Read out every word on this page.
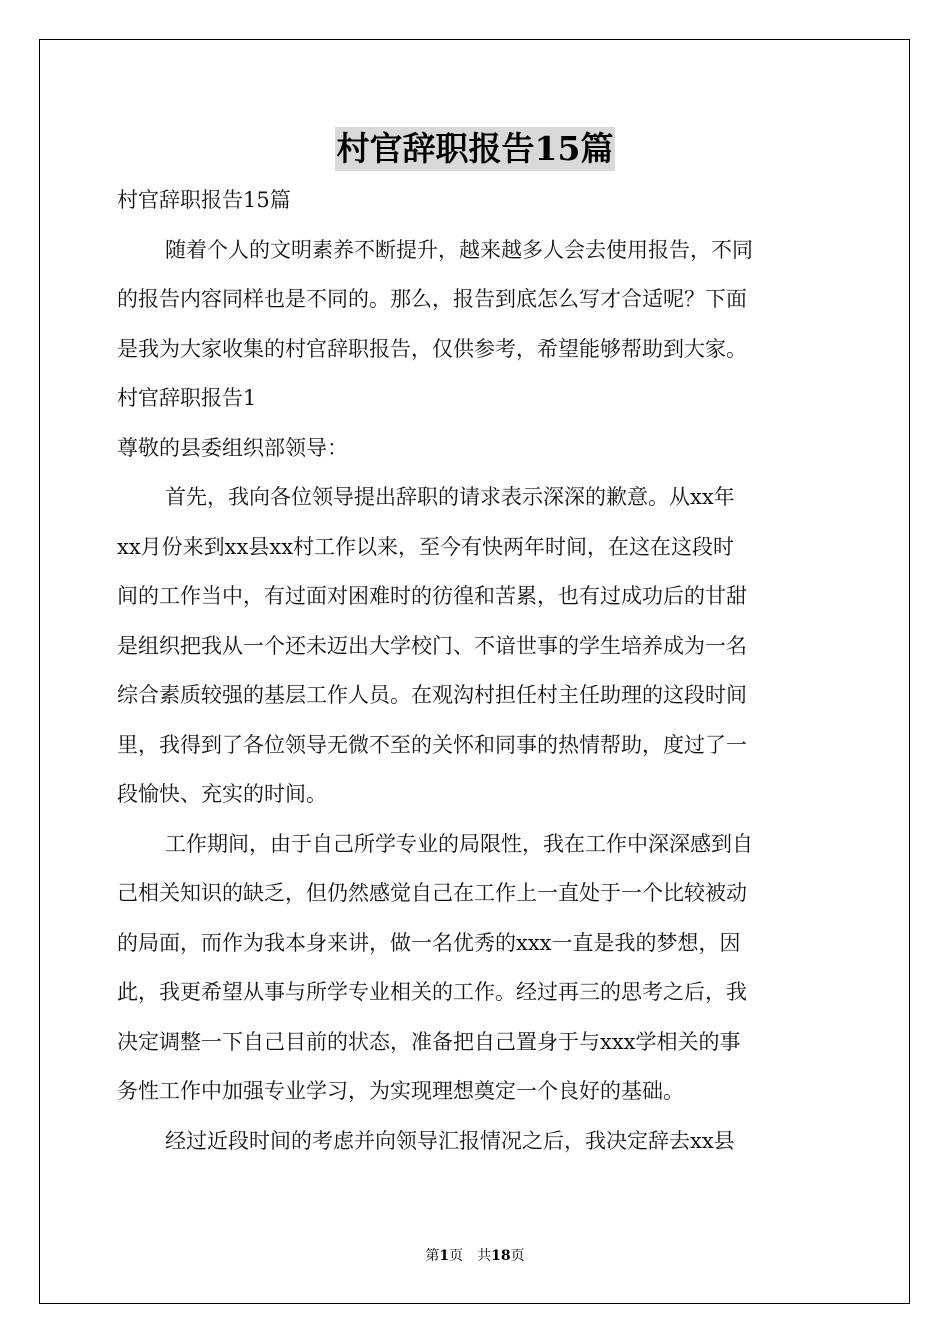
村官辞职报告15篇

村官辞职报告15篇

随着个人的文明素养不断提升，越来越多人会去使用报告，不同

的报告内容同样也是不同的。那么，报告到底怎么写才合适呢？下面

是我为大家收集的村官辞职报告，仅供参考，希望能够帮助到大家。

村官辞职报告1

尊敬的县委组织部领导：

首先，我向各位领导提出辞职的请求表示深深的歉意。从xx年

xx月份来到xx县xx村工作以来，至今有快两年时间，在这在这段时

间的工作当中，有过面对困难时的彷徨和苦累，也有过成功后的甘甜

是组织把我从一个还未迈出大学校门、不谙世事的学生培养成为一名

综合素质较强的基层工作人员。在观沟村担任村主任助理的这段时间

里，我得到了各位领导无微不至的关怀和同事的热情帮助，度过了一

段愉快、充实的时间。

工作期间，由于自己所学专业的局限性，我在工作中深深感到自

己相关知识的缺乏，但仍然感觉自己在工作上一直处于一个比较被动

的局面，而作为我本身来讲，做一名优秀的xxx一直是我的梦想，因

此，我更希望从事与所学专业相关的工作。经过再三的思考之后，我

决定调整一下自己目前的状态，准备把自己置身于与xxx学相关的事

务性工作中加强专业学习，为实现理想奠定一个良好的基础。

经过近段时间的考虑并向领导汇报情况之后，我决定辞去xx县

第1页 共18页
